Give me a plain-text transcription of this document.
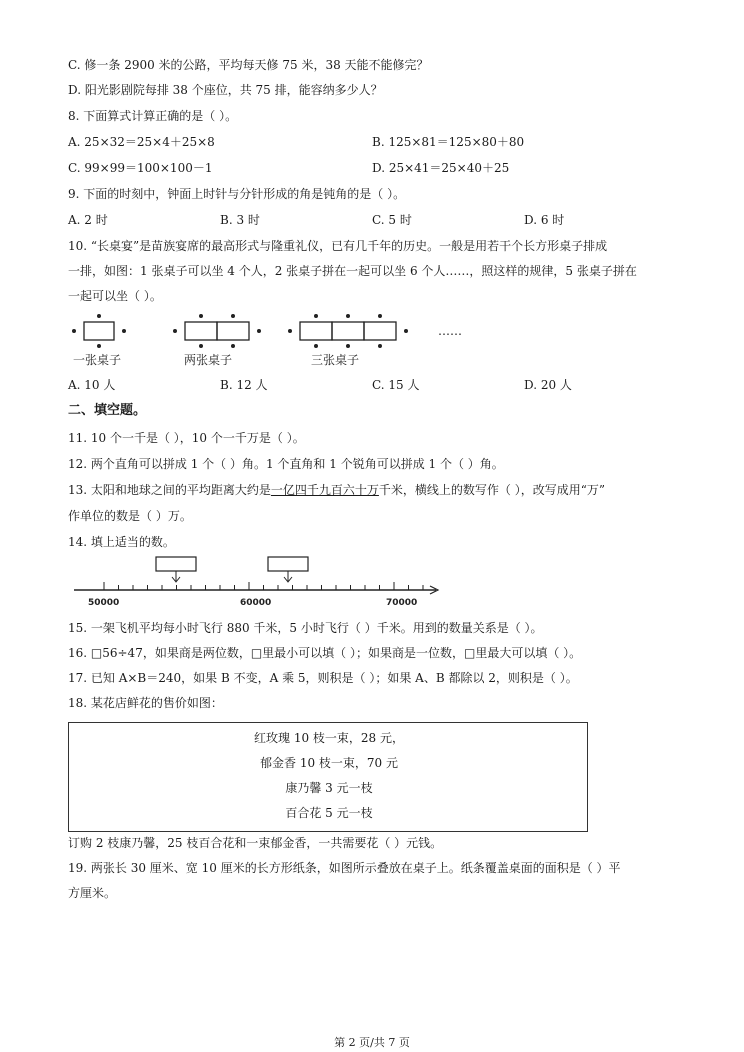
C. 修一条 2900 米的公路，平均每天修 75 米，38 天能不能修完？
D. 阳光影剧院每排 38 个座位，共 75 排，能容纳多少人？
8. 下面算式计算正确的是（ ）。
A. 25×32＝25×4＋25×8	B. 125×81＝125×80＋80
C. 99×99＝100×100－1	D. 25×41＝25×40＋25
9. 下面的时刻中，钟面上时针与分针形成的角是钝角的是（ ）。
A. 2 时	B. 3 时	C. 5 时	D. 6 时
10. “长桌宴”是苗族宴席的最高形式与隆重礼仪，已有几千年的历史。一般是用若干个长方形桌子排成
一排，如图：1 张桌子可以坐 4 个人，2 张桌子拼在一起可以坐 6 个人……，照这样的规律，5 张桌子拼在
一起可以坐（ ）。
一张桌子	两张桌子	三张桌子
……
A. 10 人	B. 12 人	C. 15 人	D. 20 人
二、填空题。
11. 10 个一千是（ ），10 个一千万是（ ）。
12. 两个直角可以拼成 1 个（ ）角。1 个直角和 1 个锐角可以拼成 1 个（ ）角。
13. 太阳和地球之间的平均距离大约是一亿四千九百六十万千米，横线上的数写作（ ），改写成用“万”
作单位的数是（ ）万。
14. 填上适当的数。
50000	60000	70000
15. 一架飞机平均每小时飞行 880 千米，5 小时飞行（ ）千米。用到的数量关系是（ ）。
16. □56÷47，如果商是两位数，□里最小可以填（ ）；如果商是一位数，□里最大可以填（ ）。
17. 已知 A×B＝240，如果 B 不变，A 乘 5，则积是（ ）；如果 A、B 都除以 2，则积是（ ）。
18. 某花店鲜花的售价如图：
红玫瑰 10 枝一束，28 元，
郁金香 10 枝一束，70 元
康乃馨 3 元一枝
百合花 5 元一枝
订购 2 枝康乃馨，25 枝百合花和一束郁金香，一共需要花（ ）元钱。
19. 两张长 30 厘米、宽 10 厘米的长方形纸条，如图所示叠放在桌子上。纸条覆盖桌面的面积是（ ）平
方厘米。
第 2 页/共 7 页
